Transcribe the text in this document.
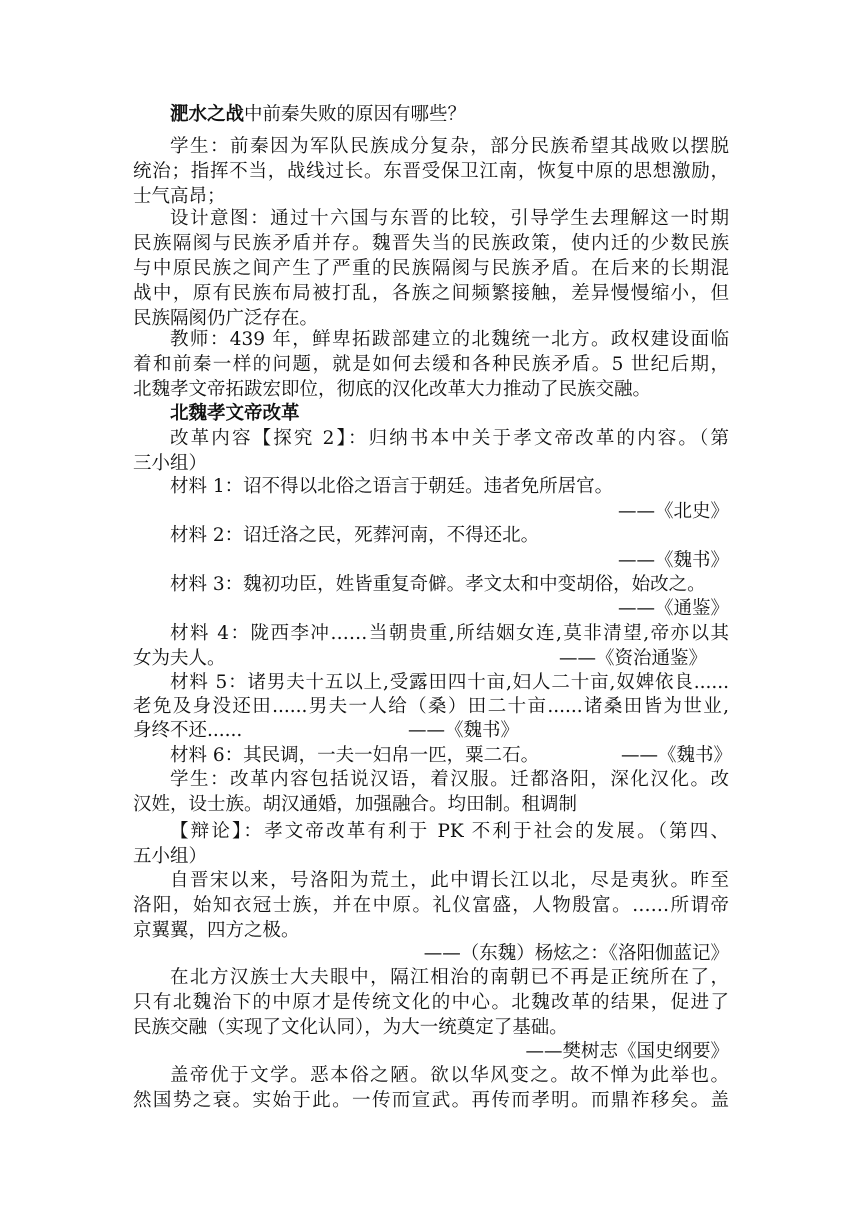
淝水之战中前秦失败的原因有哪些？
学生：前秦因为军队民族成分复杂，部分民族希望其战败以摆脱
统治；指挥不当，战线过长。东晋受保卫江南，恢复中原的思想激励，
士气高昂；
设计意图：通过十六国与东晋的比较，引导学生去理解这一时期
民族隔阂与民族矛盾并存。魏晋失当的民族政策，使内迁的少数民族
与中原民族之间产生了严重的民族隔阂与民族矛盾。在后来的长期混
战中，原有民族布局被打乱，各族之间频繁接触，差异慢慢缩小，但
民族隔阂仍广泛存在。
教师：439 年，鲜卑拓跋部建立的北魏统一北方。政权建设面临
着和前秦一样的问题，就是如何去缓和各种民族矛盾。5 世纪后期，
北魏孝文帝拓跋宏即位，彻底的汉化改革大力推动了民族交融。
北魏孝文帝改革
改革内容【探究 2】：归纳书本中关于孝文帝改革的内容。（第
三小组）
材料 1：诏不得以北俗之语言于朝廷。违者免所居官。
——《北史》
材料 2：诏迁洛之民，死葬河南，不得还北。
——《魏书》
材料 3：魏初功臣，姓皆重复奇僻。孝文太和中变胡俗，始改之。
——《通鉴》
材料 4：陇西李冲……当朝贵重,所结姻女连,莫非清望,帝亦以其
女为夫人。	——《资治通鉴》
材料 5：诸男夫十五以上,受露田四十亩,妇人二十亩,奴婢依良......
老免及身没还田......男夫一人给（桑）田二十亩......诸桑田皆为世业,
身终不还......	——《魏书》
材料 6：其民调，一夫一妇帛一匹，粟二石。	——《魏书》
学生：改革内容包括说汉语，着汉服。迁都洛阳，深化汉化。改
汉姓，设士族。胡汉通婚，加强融合。均田制。租调制
【辩论】：孝文帝改革有利于 PK 不利于社会的发展。（第四、
五小组）
自晋宋以来，号洛阳为荒土，此中谓长江以北，尽是夷狄。昨至
洛阳，始知衣冠士族，并在中原。礼仪富盛，人物殷富。……所谓帝
京翼翼，四方之极。
——（东魏）杨炫之：《洛阳伽蓝记》
在北方汉族士大夫眼中，隔江相治的南朝已不再是正统所在了，
只有北魏治下的中原才是传统文化的中心。北魏改革的结果，促进了
民族交融（实现了文化认同），为大一统奠定了基础。
——樊树志《国史纲要》
盖帝优于文学。恶本俗之陋。欲以华风变之。故不惮为此举也。
然国势之衰。实始于此。一传而宣武。再传而孝明。而鼎祚移矣。盖
